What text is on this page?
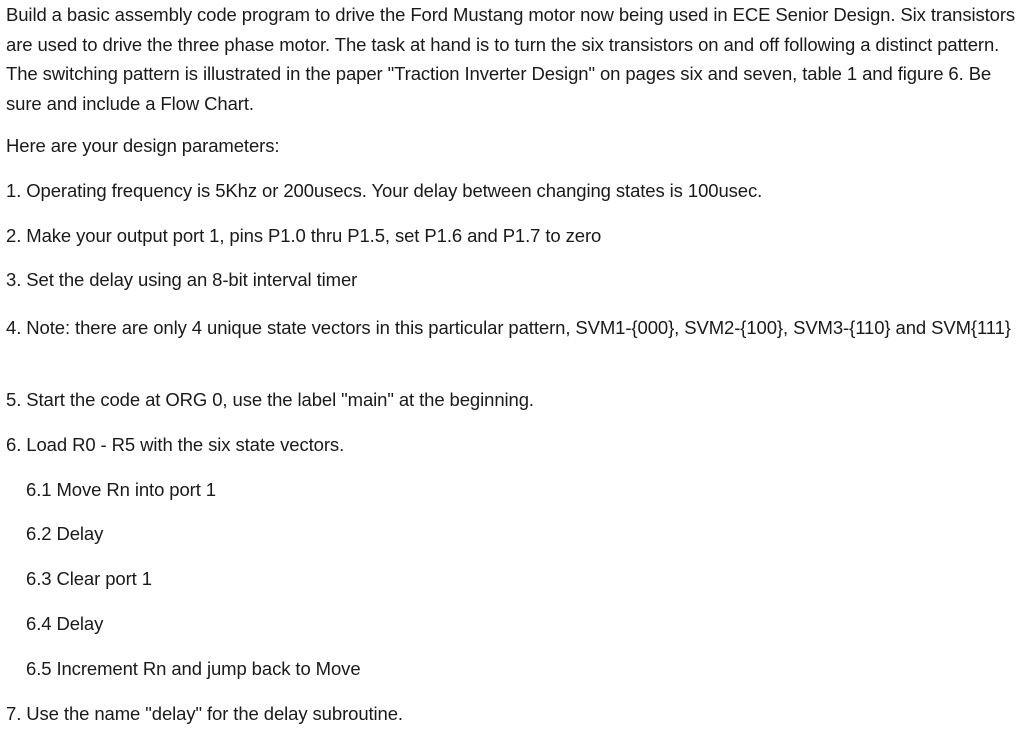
Build a basic assembly code program to drive the Ford Mustang motor now being used in ECE Senior Design. Six transistors are used to drive the three phase motor. The task at hand is to turn the six transistors on and off following a distinct pattern. The switching pattern is illustrated in the paper "Traction Inverter Design" on pages six and seven, table 1 and figure 6. Be sure and include a Flow Chart.

Here are your design parameters:

1. Operating frequency is 5Khz or 200usecs. Your delay between changing states is 100usec.

2. Make your output port 1, pins P1.0 thru P1.5, set P1.6 and P1.7 to zero

3. Set the delay using an 8-bit interval timer

4. Note: there are only 4 unique state vectors in this particular pattern, SVM1-{000}, SVM2-{100}, SVM3-{110} and SVM{111}

5. Start the code at ORG 0, use the label "main" at the beginning.

6. Load R0 - R5 with the six state vectors.

6.1 Move Rn into port 1

6.2 Delay

6.3 Clear port 1

6.4 Delay

6.5 Increment Rn and jump back to Move

7. Use the name "delay" for the delay subroutine.
